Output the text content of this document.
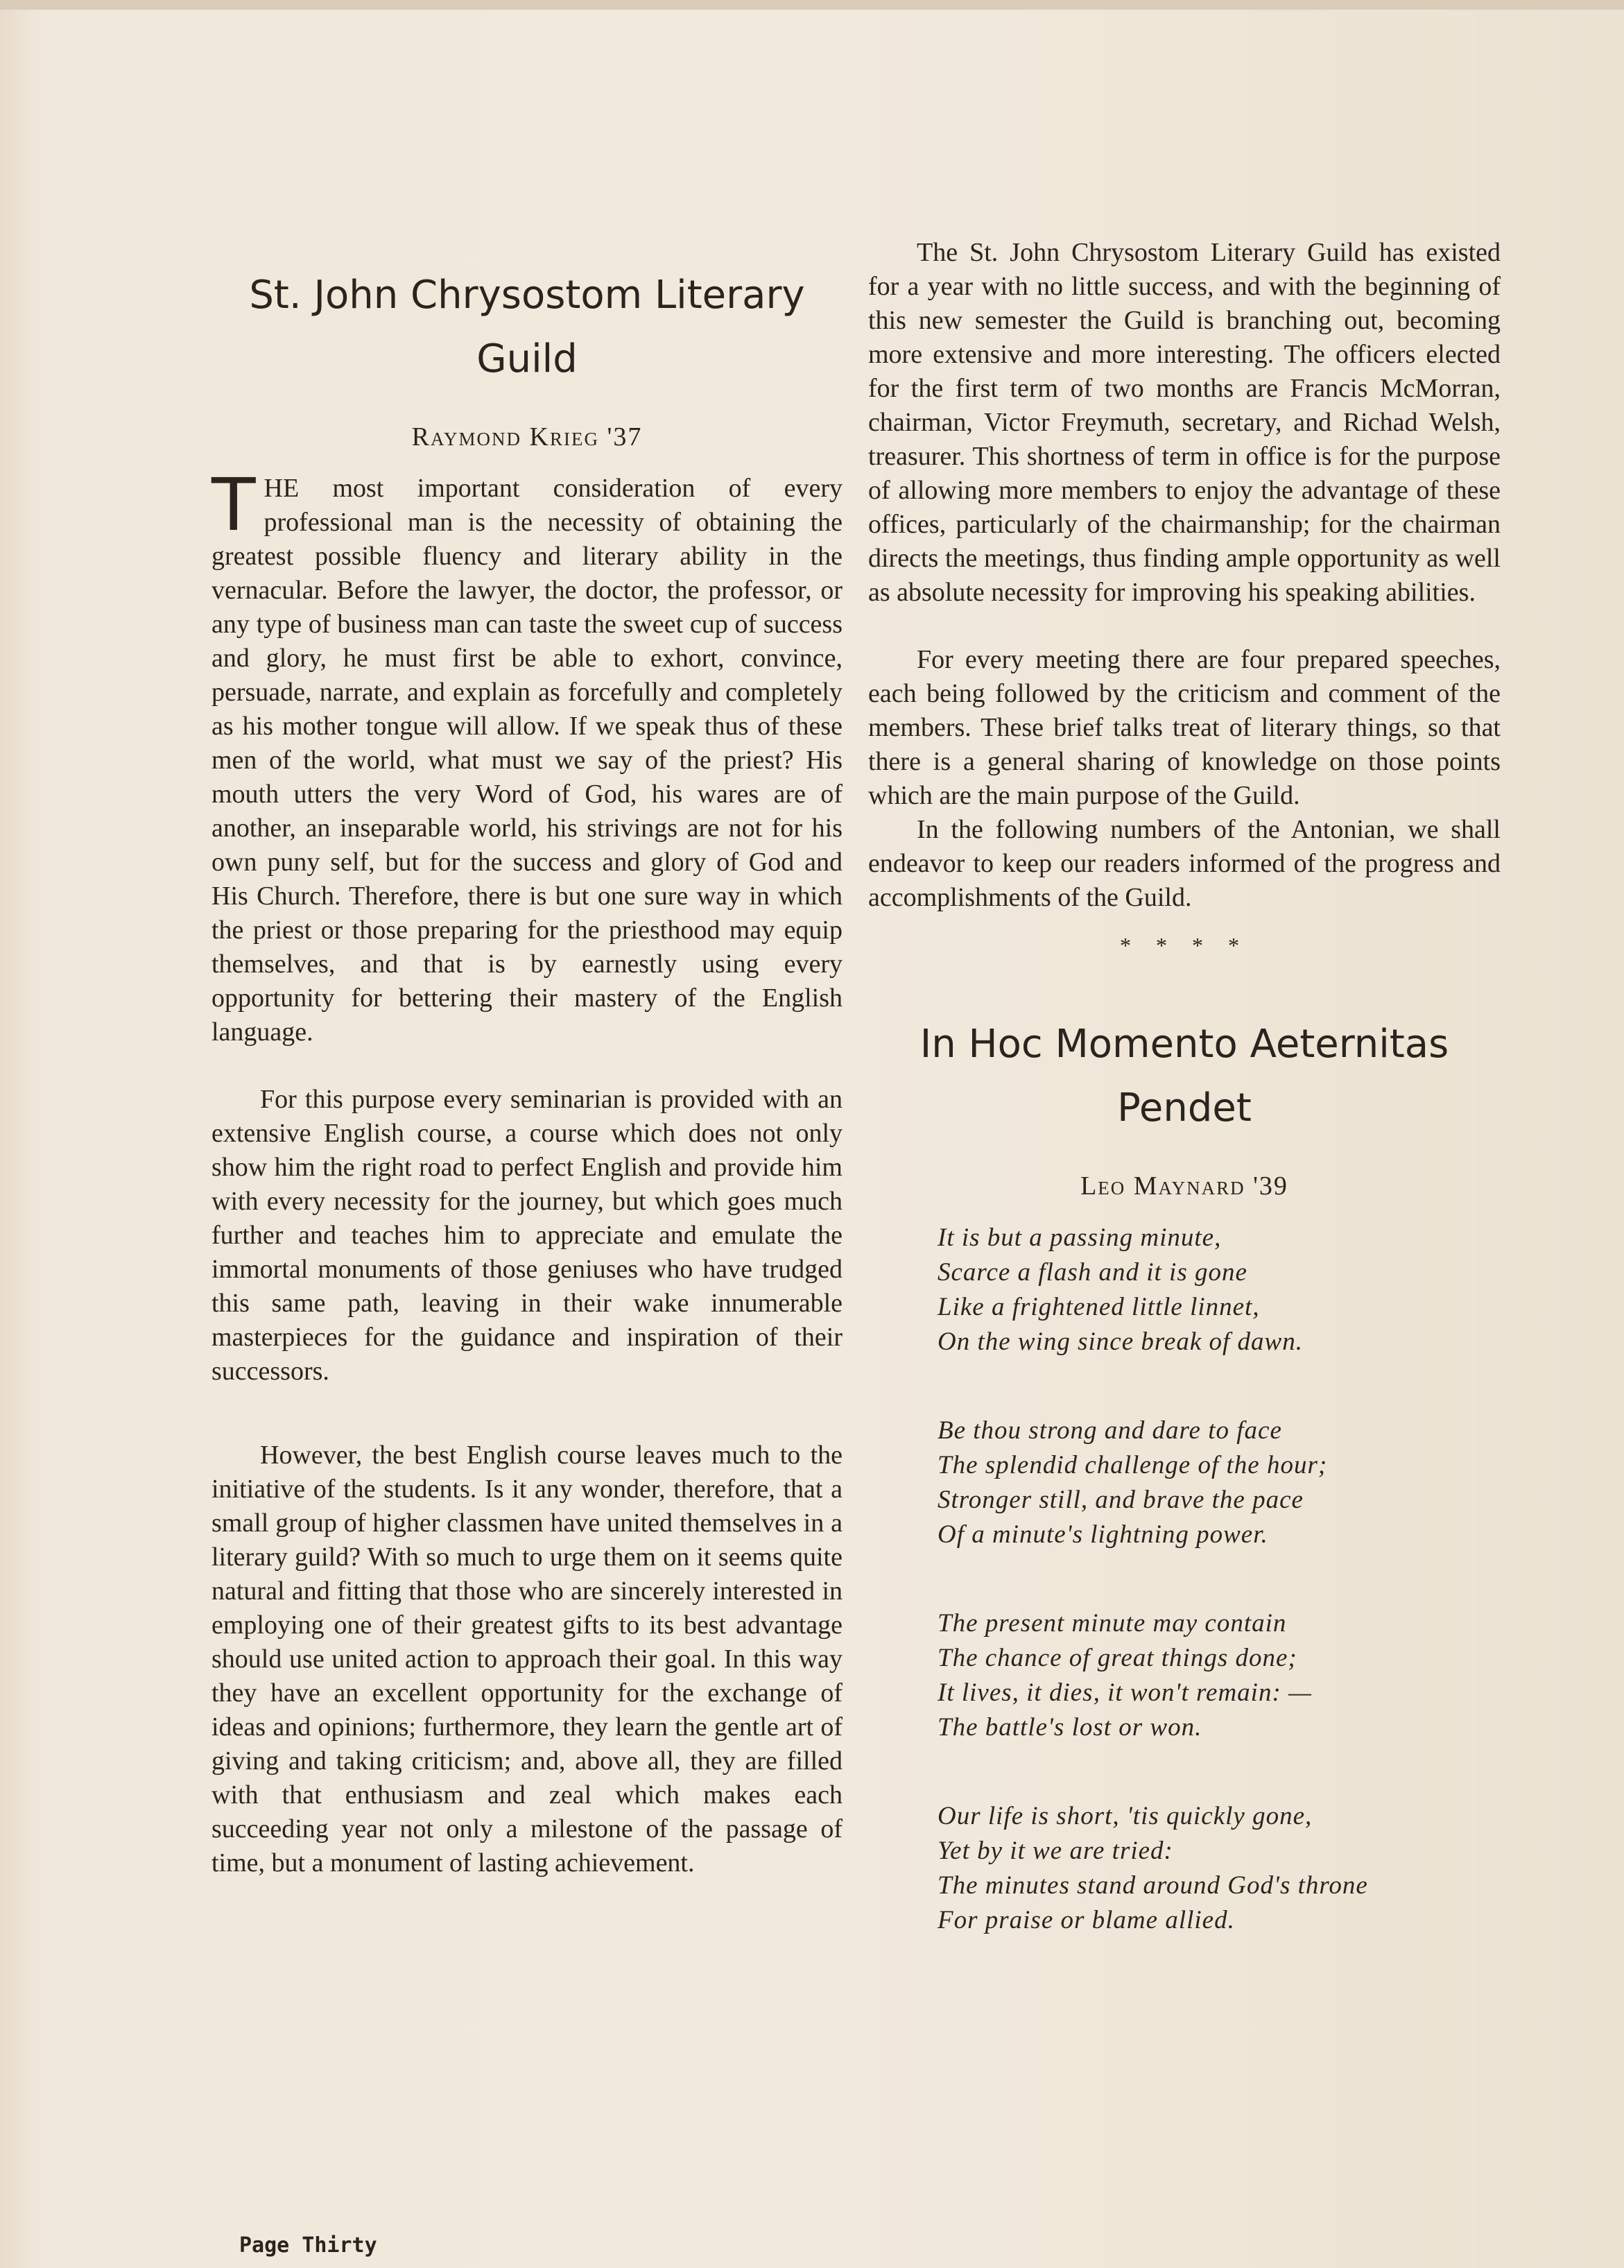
St. John Chrysostom Literary
Guild
Raymond Krieg '37

THE most important consideration of every professional man is the necessity of obtaining the greatest possible fluency and literary ability in the vernacular. Before the lawyer, the doctor, the professor, or any type of business man can taste the sweet cup of success and glory, he must first be able to exhort, convince, persuade, narrate, and explain as forcefully and completely as his mother tongue will allow. If we speak thus of these men of the world, what must we say of the priest? His mouth utters the very Word of God, his wares are of another, an inseparable world, his strivings are not for his own puny self, but for the success and glory of God and His Church. Therefore, there is but one sure way in which the priest or those preparing for the priesthood may equip themselves, and that is by earnestly using every opportunity for bettering their mastery of the English language.

For this purpose every seminarian is provided with an extensive English course, a course which does not only show him the right road to perfect English and provide him with every necessity for the journey, but which goes much further and teaches him to appreciate and emulate the immortal monuments of those geniuses who have trudged this same path, leaving in their wake innumerable masterpieces for the guidance and inspiration of their successors.

However, the best English course leaves much to the initiative of the students. Is it any wonder, therefore, that a small group of higher classmen have united themselves in a literary guild? With so much to urge them on it seems quite natural and fitting that those who are sincerely interested in employing one of their greatest gifts to its best advantage should use united action to approach their goal. In this way they have an excellent opportunity for the exchange of ideas and opinions; furthermore, they learn the gentle art of giving and taking criticism; and, above all, they are filled with that enthusiasm and zeal which makes each succeeding year not only a milestone of the passage of time, but a monument of lasting achievement.

The St. John Chrysostom Literary Guild has existed for a year with no little success, and with the beginning of this new semester the Guild is branching out, becoming more extensive and more interesting. The officers elected for the first term of two months are Francis McMorran, chairman, Victor Freymuth, secretary, and Richad Welsh, treasurer. This shortness of term in office is for the purpose of allowing more members to enjoy the advantage of these offices, particularly of the chairmanship; for the chairman directs the meetings, thus finding ample opportunity as well as absolute necessity for improving his speaking abilities.

For every meeting there are four prepared speeches, each being followed by the criticism and comment of the members. These brief talks treat of literary things, so that there is a general sharing of knowledge on those points which are the main purpose of the Guild.

In the following numbers of the Antonian, we shall endeavor to keep our readers informed of the progress and accomplishments of the Guild.

* * * *
In Hoc Momento Aeternitas
Pendet
Leo Maynard '39
It is but a passing minute,
Scarce a flash and it is gone
Like a frightened little linnet,
On the wing since break of dawn.
Be thou strong and dare to face
The splendid challenge of the hour;
Stronger still, and brave the pace
Of a minute's lightning power.
The present minute may contain
The chance of great things done;
It lives, it dies, it won't remain: —
The battle's lost or won.
Our life is short, 'tis quickly gone,
Yet by it we are tried:
The minutes stand around God's throne
For praise or blame allied.
Page Thirty
